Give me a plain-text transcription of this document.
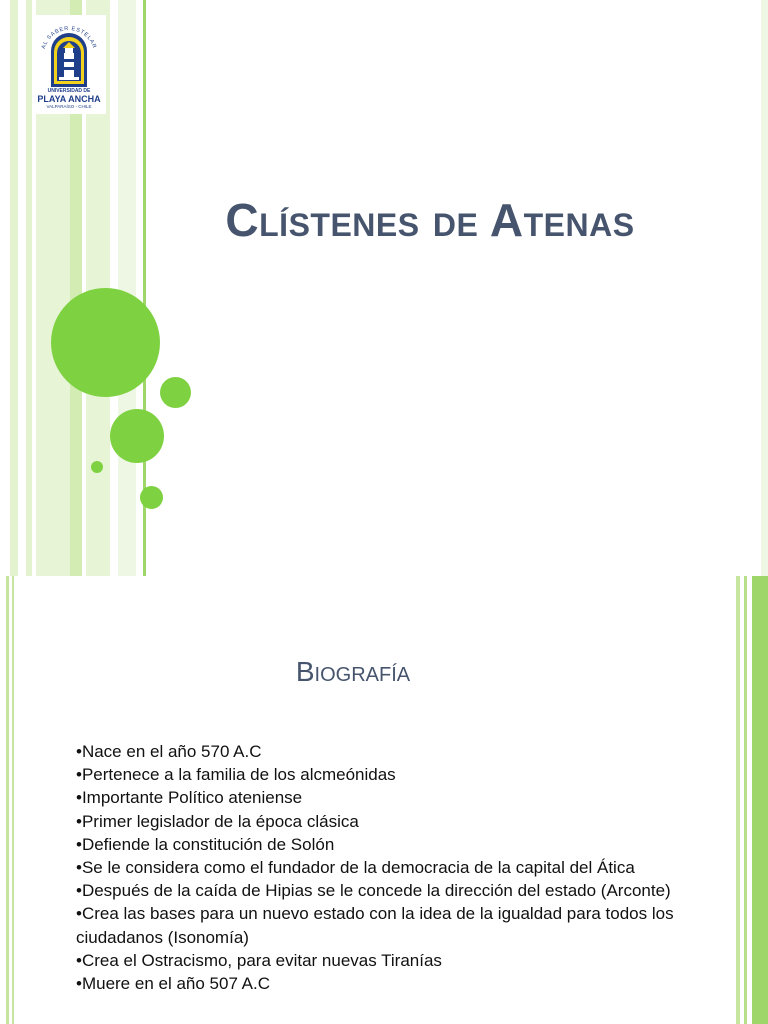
AL SABER ESTELAR
UNIVERSIDAD DE
PLAYA ANCHA
VALPARAÍSO - CHILE
Clístenes de Atenas
Biografía
• Nace en el año 570 A.C
• Pertenece a la familia de los alcmeónidas
• Importante Político ateniense
• Primer legislador de la época clásica
• Defiende la constitución de Solón
• Se le considera como el fundador de la democracia de la capital del Ática
• Después de la caída de Hipias se le concede la dirección del estado (Arconte)
• Crea las bases para un nuevo estado con la idea de la igualdad para todos los ciudadanos (Isonomía)
• Crea el Ostracismo, para evitar nuevas Tiranías
• Muere en el año 507 A.C
